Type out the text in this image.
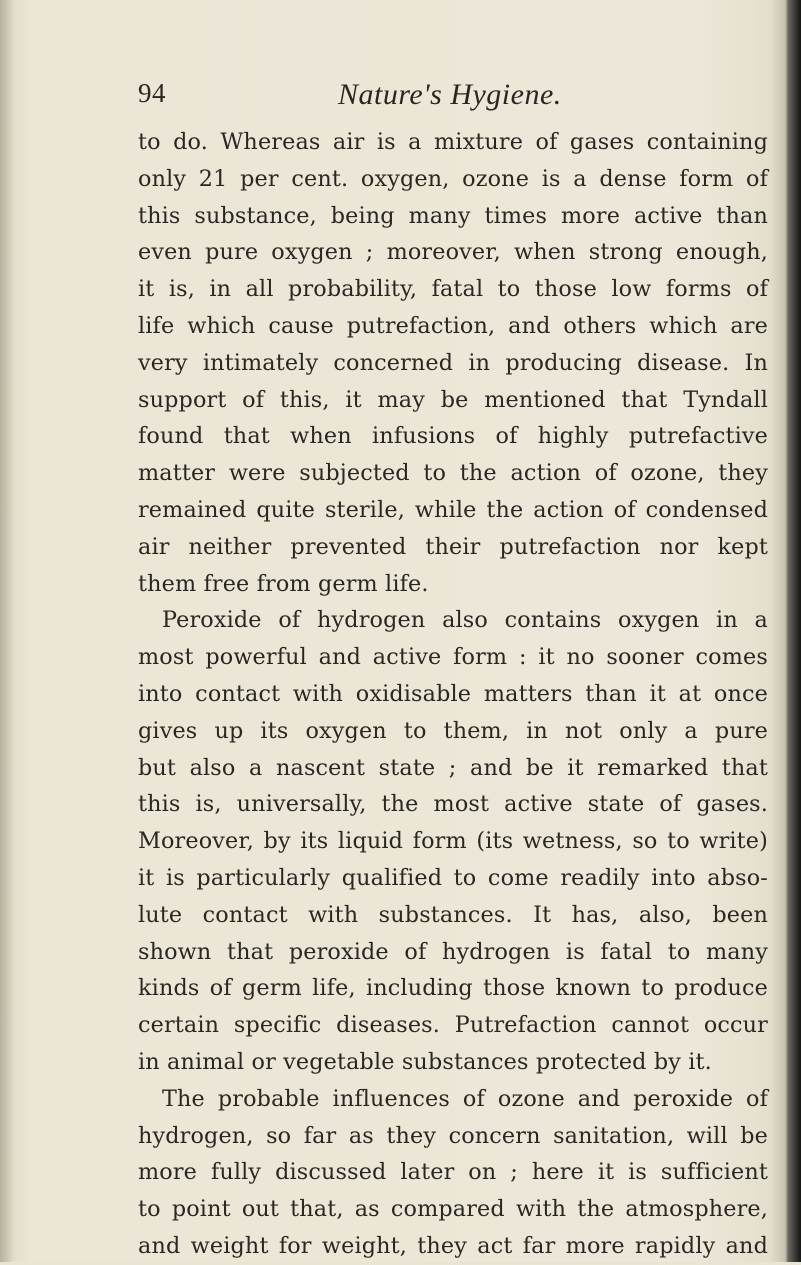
94	Nature's Hygiene.
to do. Whereas air is a mixture of gases containing
only 21 per cent. oxygen, ozone is a dense form of
this substance, being many times more active than
even pure oxygen ; moreover, when strong enough,
it is, in all probability, fatal to those low forms of
life which cause putrefaction, and others which are
very intimately concerned in producing disease. In
support of this, it may be mentioned that Tyndall
found that when infusions of highly putrefactive
matter were subjected to the action of ozone, they
remained quite sterile, while the action of condensed
air neither prevented their putrefaction nor kept
them free from germ life.
Peroxide of hydrogen also contains oxygen in a
most powerful and active form : it no sooner comes
into contact with oxidisable matters than it at once
gives up its oxygen to them, in not only a pure
but also a nascent state ; and be it remarked that
this is, universally, the most active state of gases.
Moreover, by its liquid form (its wetness, so to write)
it is particularly qualified to come readily into abso-
lute contact with substances. It has, also, been
shown that peroxide of hydrogen is fatal to many
kinds of germ life, including those known to produce
certain specific diseases. Putrefaction cannot occur
in animal or vegetable substances protected by it.
The probable influences of ozone and peroxide of
hydrogen, so far as they concern sanitation, will be
more fully discussed later on ; here it is sufficient
to point out that, as compared with the atmosphere,
and weight for weight, they act far more rapidly and
